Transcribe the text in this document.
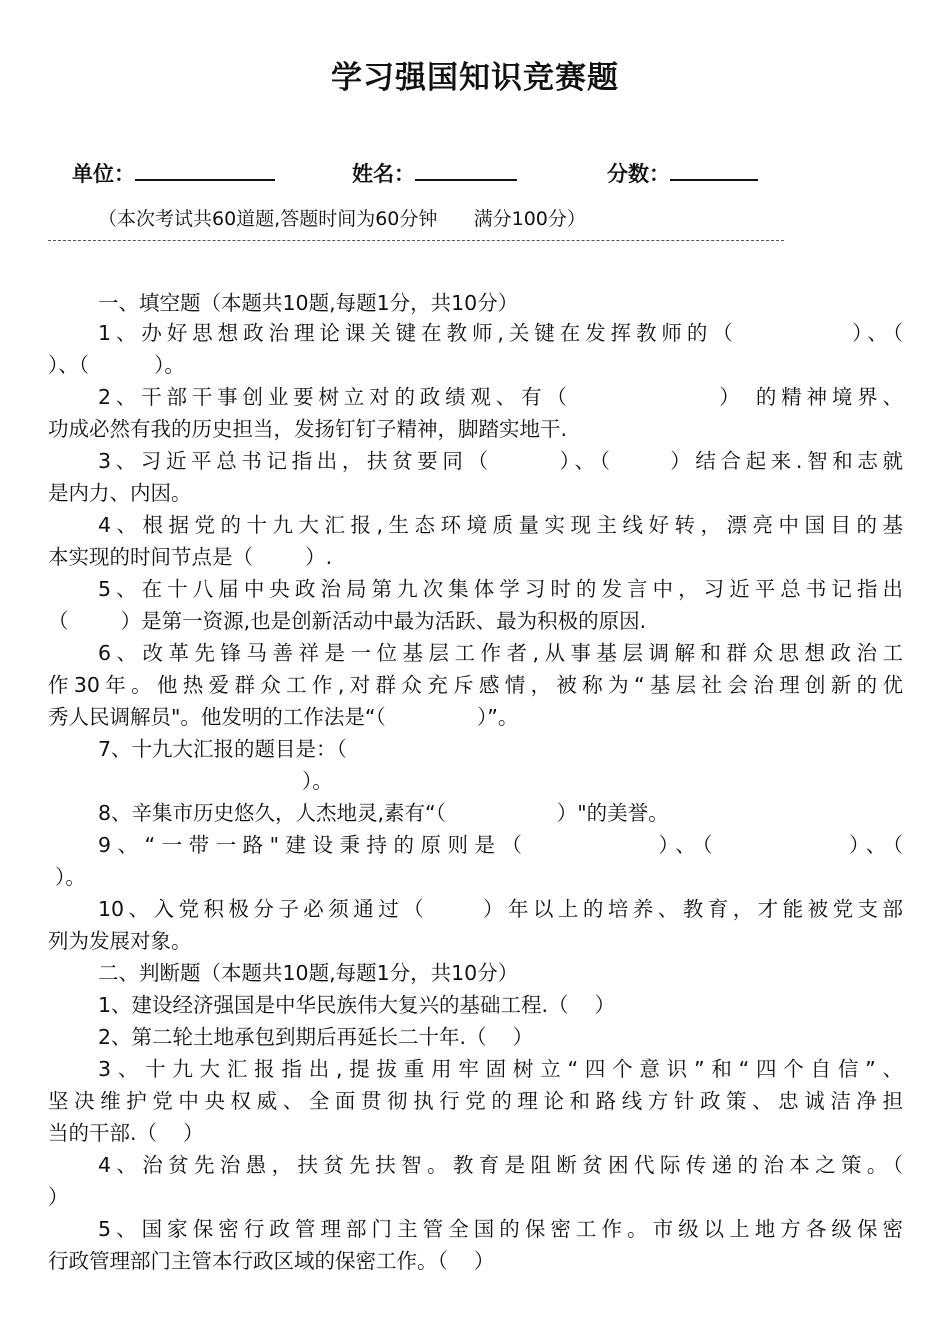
学习强国知识竞赛题
单位：	姓名：	分数：
（本次考试共60道题,答题时间为60分钟      满分100分）
一、填空题（本题共10题,每题1分，共10分）
1、办好思想政治理论课关键在教师,关键在发挥教师的（          ）、（
）、（          ）。
2、干部干事创业要树立对的政绩观、有（             ） 的精神境界、
功成必然有我的历史担当，发扬钉钉子精神，脚踏实地干.
3、习近平总书记指出，扶贫要同（      ）、（     ）结合起来.智和志就
是内力、内因。
4、根据党的十九大汇报,生态环境质量实现主线好转，漂亮中国目的基
本实现的时间节点是（        ）.
5、在十八届中央政治局第九次集体学习时的发言中，习近平总书记指出
（        ）是第一资源,也是创新活动中最为活跃、最为积极的原因.
6、改革先锋马善祥是一位基层工作者,从事基层调解和群众思想政治工
作30年。他热爱群众工作,对群众充斥感情，被称为“基层社会治理创新的优
秀人民调解员"。他发明的工作法是“（              ）”。
7、十九大汇报的题目是：（
）。
8、辛集市历史悠久，人杰地灵,素有“（                 ）"的美誉。
9、“一带一路"建设秉持的原则是（          ）、（          ）、（
）。
10、入党积极分子必须通过（     ）年以上的培养、教育，才能被党支部
列为发展对象。
二、判断题（本题共10题,每题1分，共10分）
1、建设经济强国是中华民族伟大复兴的基础工程.（    ）
2、第二轮土地承包到期后再延长二十年.（    ）
3、十九大汇报指出,提拔重用牢固树立“四个意识”和“四个自信”、
坚决维护党中央权威、全面贯彻执行党的理论和路线方针政策、忠诚洁净担
当的干部.（    ）
4、治贫先治愚，扶贫先扶智。教育是阻断贫困代际传递的治本之策。（
）
5、国家保密行政管理部门主管全国的保密工作。市级以上地方各级保密
行政管理部门主管本行政区域的保密工作。（    ）
